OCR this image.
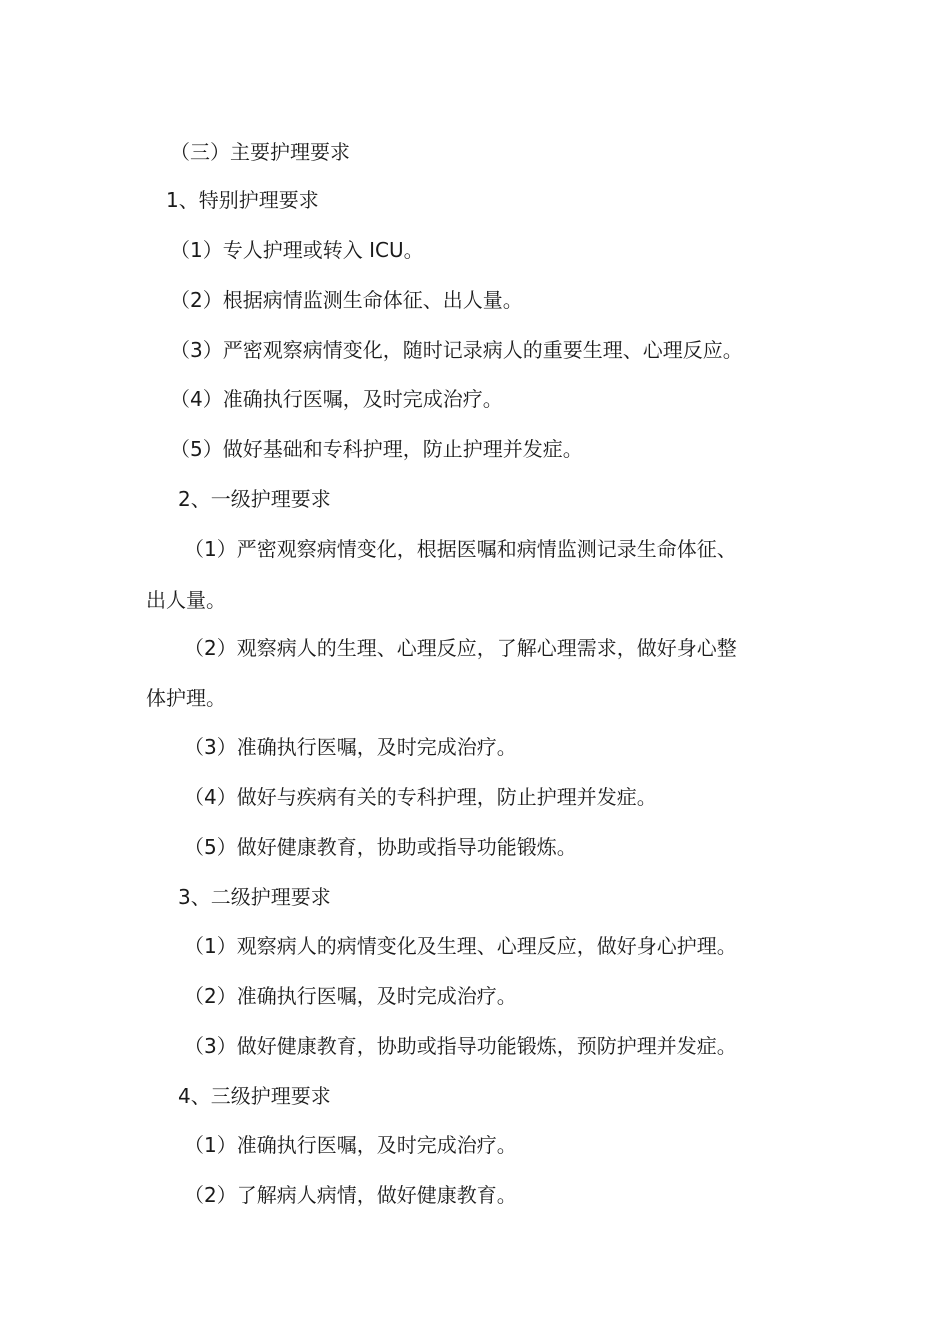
（三）主要护理要求
1、特别护理要求
（1）专人护理或转入 ICU。
（2）根据病情监测生命体征、出人量。
（3）严密观察病情变化，随时记录病人的重要生理、心理反应。
（4）准确执行医嘱，及时完成治疗。
（5）做好基础和专科护理，防止护理并发症。
2、一级护理要求
（1）严密观察病情变化，根据医嘱和病情监测记录生命体征、
出人量。
（2）观察病人的生理、心理反应，了解心理需求，做好身心整
体护理。
（3）准确执行医嘱，及时完成治疗。
（4）做好与疾病有关的专科护理，防止护理并发症。
（5）做好健康教育，协助或指导功能锻炼。
3、二级护理要求
（1）观察病人的病情变化及生理、心理反应，做好身心护理。
（2）准确执行医嘱，及时完成治疗。
（3）做好健康教育，协助或指导功能锻炼，预防护理并发症。
4、三级护理要求
（1）准确执行医嘱，及时完成治疗。
（2）了解病人病情，做好健康教育。
